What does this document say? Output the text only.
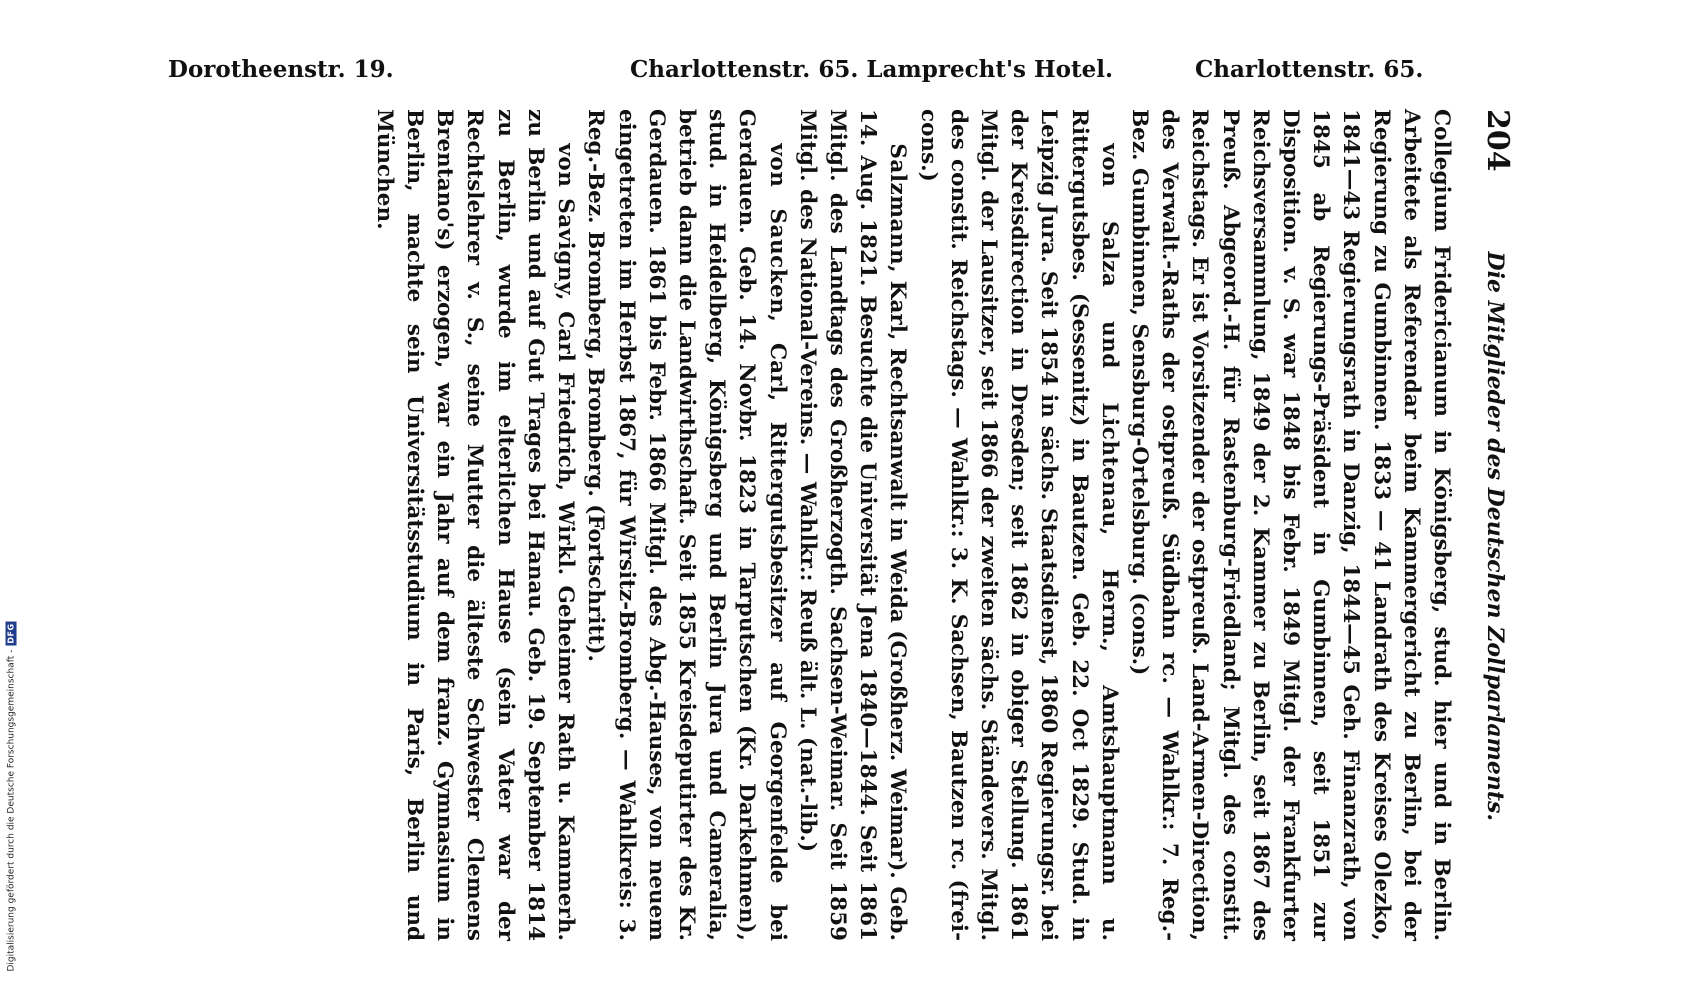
Digitalisierung gefördert durch die Deutsche Forschungsgemeinschaft -
DFG
Dorotheenstr. 19.	Charlottenstr. 65. Lamprecht's Hotel.	Charlottenstr. 65.
204
Die Mitglieder des Deutschen Zollparlaments.

Collegium Fridericianum in Königsberg, stud. hier und in Berlin. Arbeitete als Referendar beim Kammergericht zu Berlin, bei der Regierung zu Gumbinnen. 1833 — 41 Landrath des Kreises Olezko, 1841—43 Regierungsrath in Danzig, 1844—45 Geh. Finanzrath, von 1845 ab Regierungs-Präsident in Gumbinnen, seit 1851 zur Disposition. v. S. war 1848 bis Febr. 1849 Mitgl. der Frankfurter Reichsversammlung, 1849 der 2. Kammer zu Berlin, seit 1867 des Preuß. Abgeord.-H. für Rastenburg-Friedland; Mitgl. des constit. Reichstags. Er ist Vorsitzender der ostpreuß. Land-Armen-Direction, des Verwalt.-Raths der ostpreuß. Südbahn rc. — Wahlkr.: 7. Reg.-Bez. Gumbinnen, Sensburg-Ortelsburg. (cons.)

von Salza und Lichtenau, Herm., Amtshauptmann u. Rittergutsbes. (Sessenitz) in Bautzen. Geb. 22. Oct 1829. Stud. in Leipzig Jura. Seit 1854 in sächs. Staatsdienst, 1860 Regierungsr. bei der Kreisdirection in Dresden; seit 1862 in obiger Stellung. 1861 Mitgl. der Lausitzer, seit 1866 der zweiten sächs. Ständevers. Mitgl. des constit. Reichstags. — Wahlkr.: 3. K. Sachsen, Bautzen rc. (frei-cons.)

Salzmann, Karl, Rechtsanwalt in Weida (Großherz. Weimar). Geb. 14. Aug. 1821. Besuchte die Universität Jena 1840—1844. Seit 1861 Mitgl. des Landtags des Großherzogth. Sachsen-Weimar. Seit 1859 Mitgl. des National-Vereins. — Wahlkr.: Reuß ält. L. (nat.-lib.)

von Saucken, Carl, Rittergutsbesitzer auf Georgenfelde bei Gerdauen. Geb. 14. Novbr. 1823 in Tarputschen (Kr. Darkehmen), stud. in Heidelberg, Königsberg und Berlin Jura und Cameralia, betrieb dann die Landwirthschaft. Seit 1855 Kreisdeputirter des Kr. Gerdauen. 1861 bis Febr. 1866 Mitgl. des Abg.-Hauses, von neuem eingetreten im Herbst 1867, für Wirsitz-Bromberg. — Wahlkreis: 3. Reg.-Bez. Bromberg, Bromberg. (Fortschritt).

von Savigny, Carl Friedrich, Wirkl. Geheimer Rath u. Kammerh. zu Berlin und auf Gut Trages bei Hanau. Geb. 19. September 1814 zu Berlin, wurde im elterlichen Hause (sein Vater war der Rechtslehrer v. S., seine Mutter die älteste Schwester Clemens Brentano's) erzogen, war ein Jahr auf dem franz. Gymnasium in Berlin, machte sein Universitätsstudium in Paris, Berlin und München.
